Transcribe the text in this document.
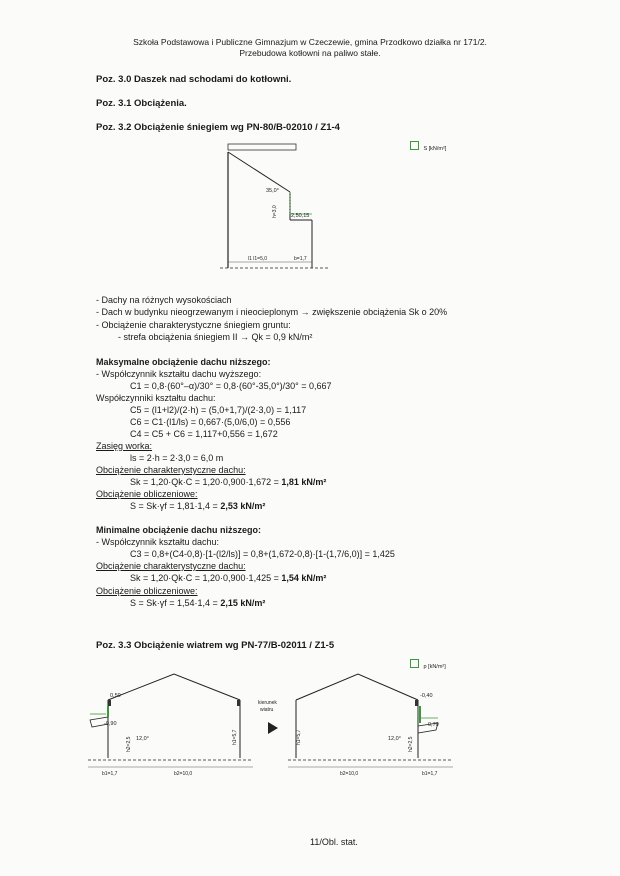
Szkoła Podstawowa i Publiczne Gimnazjum w Czeczewie, gmina Przodkowo działka nr 171/2.
Przebudowa kotłowni na paliwo stałe.
Poz. 3.0 Daszek nad schodami do kotłowni.
Poz. 3.1 Obciążenia.
Poz. 3.2 Obciążenie śniegiem wg PN-80/B-02010 / Z1-4
S [kN/m²]
35,0°
h=3,0 2,50,15
l1 l1=5,0	b=1,7
- Dachy na różnych wysokościach
- Dach w budynku nieogrzewanym i nieocieplonym → zwiększenie obciążenia Sk o 20%
- Obciążenie charakterystyczne śniegiem gruntu:
- strefa obciążenia śniegiem II → Qk = 0,9 kN/m²
Maksymalne obciążenie dachu niższego:
- Współczynnik kształtu dachu wyższego:
C1 = 0,8·(60°–α)/30° = 0,8·(60°-35,0°)/30° = 0,667
Współczynniki kształtu dachu:
C5 = (l1+l2)/(2·h) = (5,0+1,7)/(2·3,0) = 1,117
C6 = C1·(l1/ls) = 0,667·(5,0/6,0) = 0,556
C4 = C5 + C6 = 1,117+0,556 = 1,672
Zasięg worka:
ls = 2·h = 2·3,0 = 6,0 m
Obciążenie charakterystyczne dachu:
Sk = 1,20·Qk·C = 1,20·0,900·1,672 = 1,81 kN/m²
Obciążenie obliczeniowe:
S = Sk·γf = 1,81·1,4 = 2,53 kN/m²
Minimalne obciążenie dachu niższego:
- Współczynnik kształtu dachu:
C3 = 0,8+(C4-0,8)·[1-(l2/ls)] = 0,8+(1,672-0,8)·[1-(1,7/6,0)] = 1,425
Obciążenie charakterystyczne dachu:
Sk = 1,20·Qk·C = 1,20·0,900·1,425 = 1,54 kN/m²
Obciążenie obliczeniowe:
S = Sk·γf = 1,54·1,4 = 2,15 kN/m²
Poz. 3.3 Obciążenie wiatrem wg PN-77/B-02011 / Z1-5
p [kN/m²]
0,50
-0,90
12,0°
h2=2,5	h1=5,7
b1=1,7	b2=10,0
kierunek
wiatru
-0,40
0,70
12,0°
h1=5,7	h2=2,5
b2=10,0	b1=1,7
11/Obl. stat.
